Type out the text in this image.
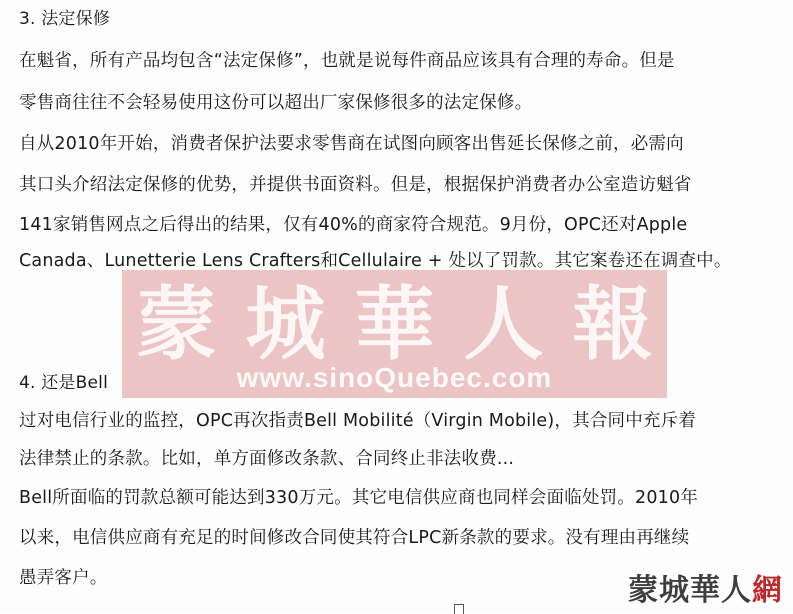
蒙 城 華 人 報
www.sinoQuebec.com
3. 法定保修
在魁省，所有产品均包含“法定保修”，也就是说每件商品应该具有合理的寿命。但是
零售商往往不会轻易使用这份可以超出厂家保修很多的法定保修。
自从2010年开始，消费者保护法要求零售商在试图向顾客出售延长保修之前，必需向
其口头介绍法定保修的优势，并提供书面资料。但是，根据保护消费者办公室造访魁省
141家销售网点之后得出的结果，仅有40%的商家符合规范。9月份，OPC还对Apple
Canada、Lunetterie Lens Crafters和Cellulaire + 处以了罚款。其它案卷还在调查中。
4. 还是Bell
过对电信行业的监控，OPC再次指责Bell Mobilité（Virgin Mobile)，其合同中充斥着
法律禁止的条款。比如，单方面修改条款、合同终止非法收费...
Bell所面临的罚款总额可能达到330万元。其它电信供应商也同样会面临处罚。2010年
以来，电信供应商有充足的时间修改合同使其符合LPC新条款的要求。没有理由再继续
愚弄客户。	蒙城華人網
